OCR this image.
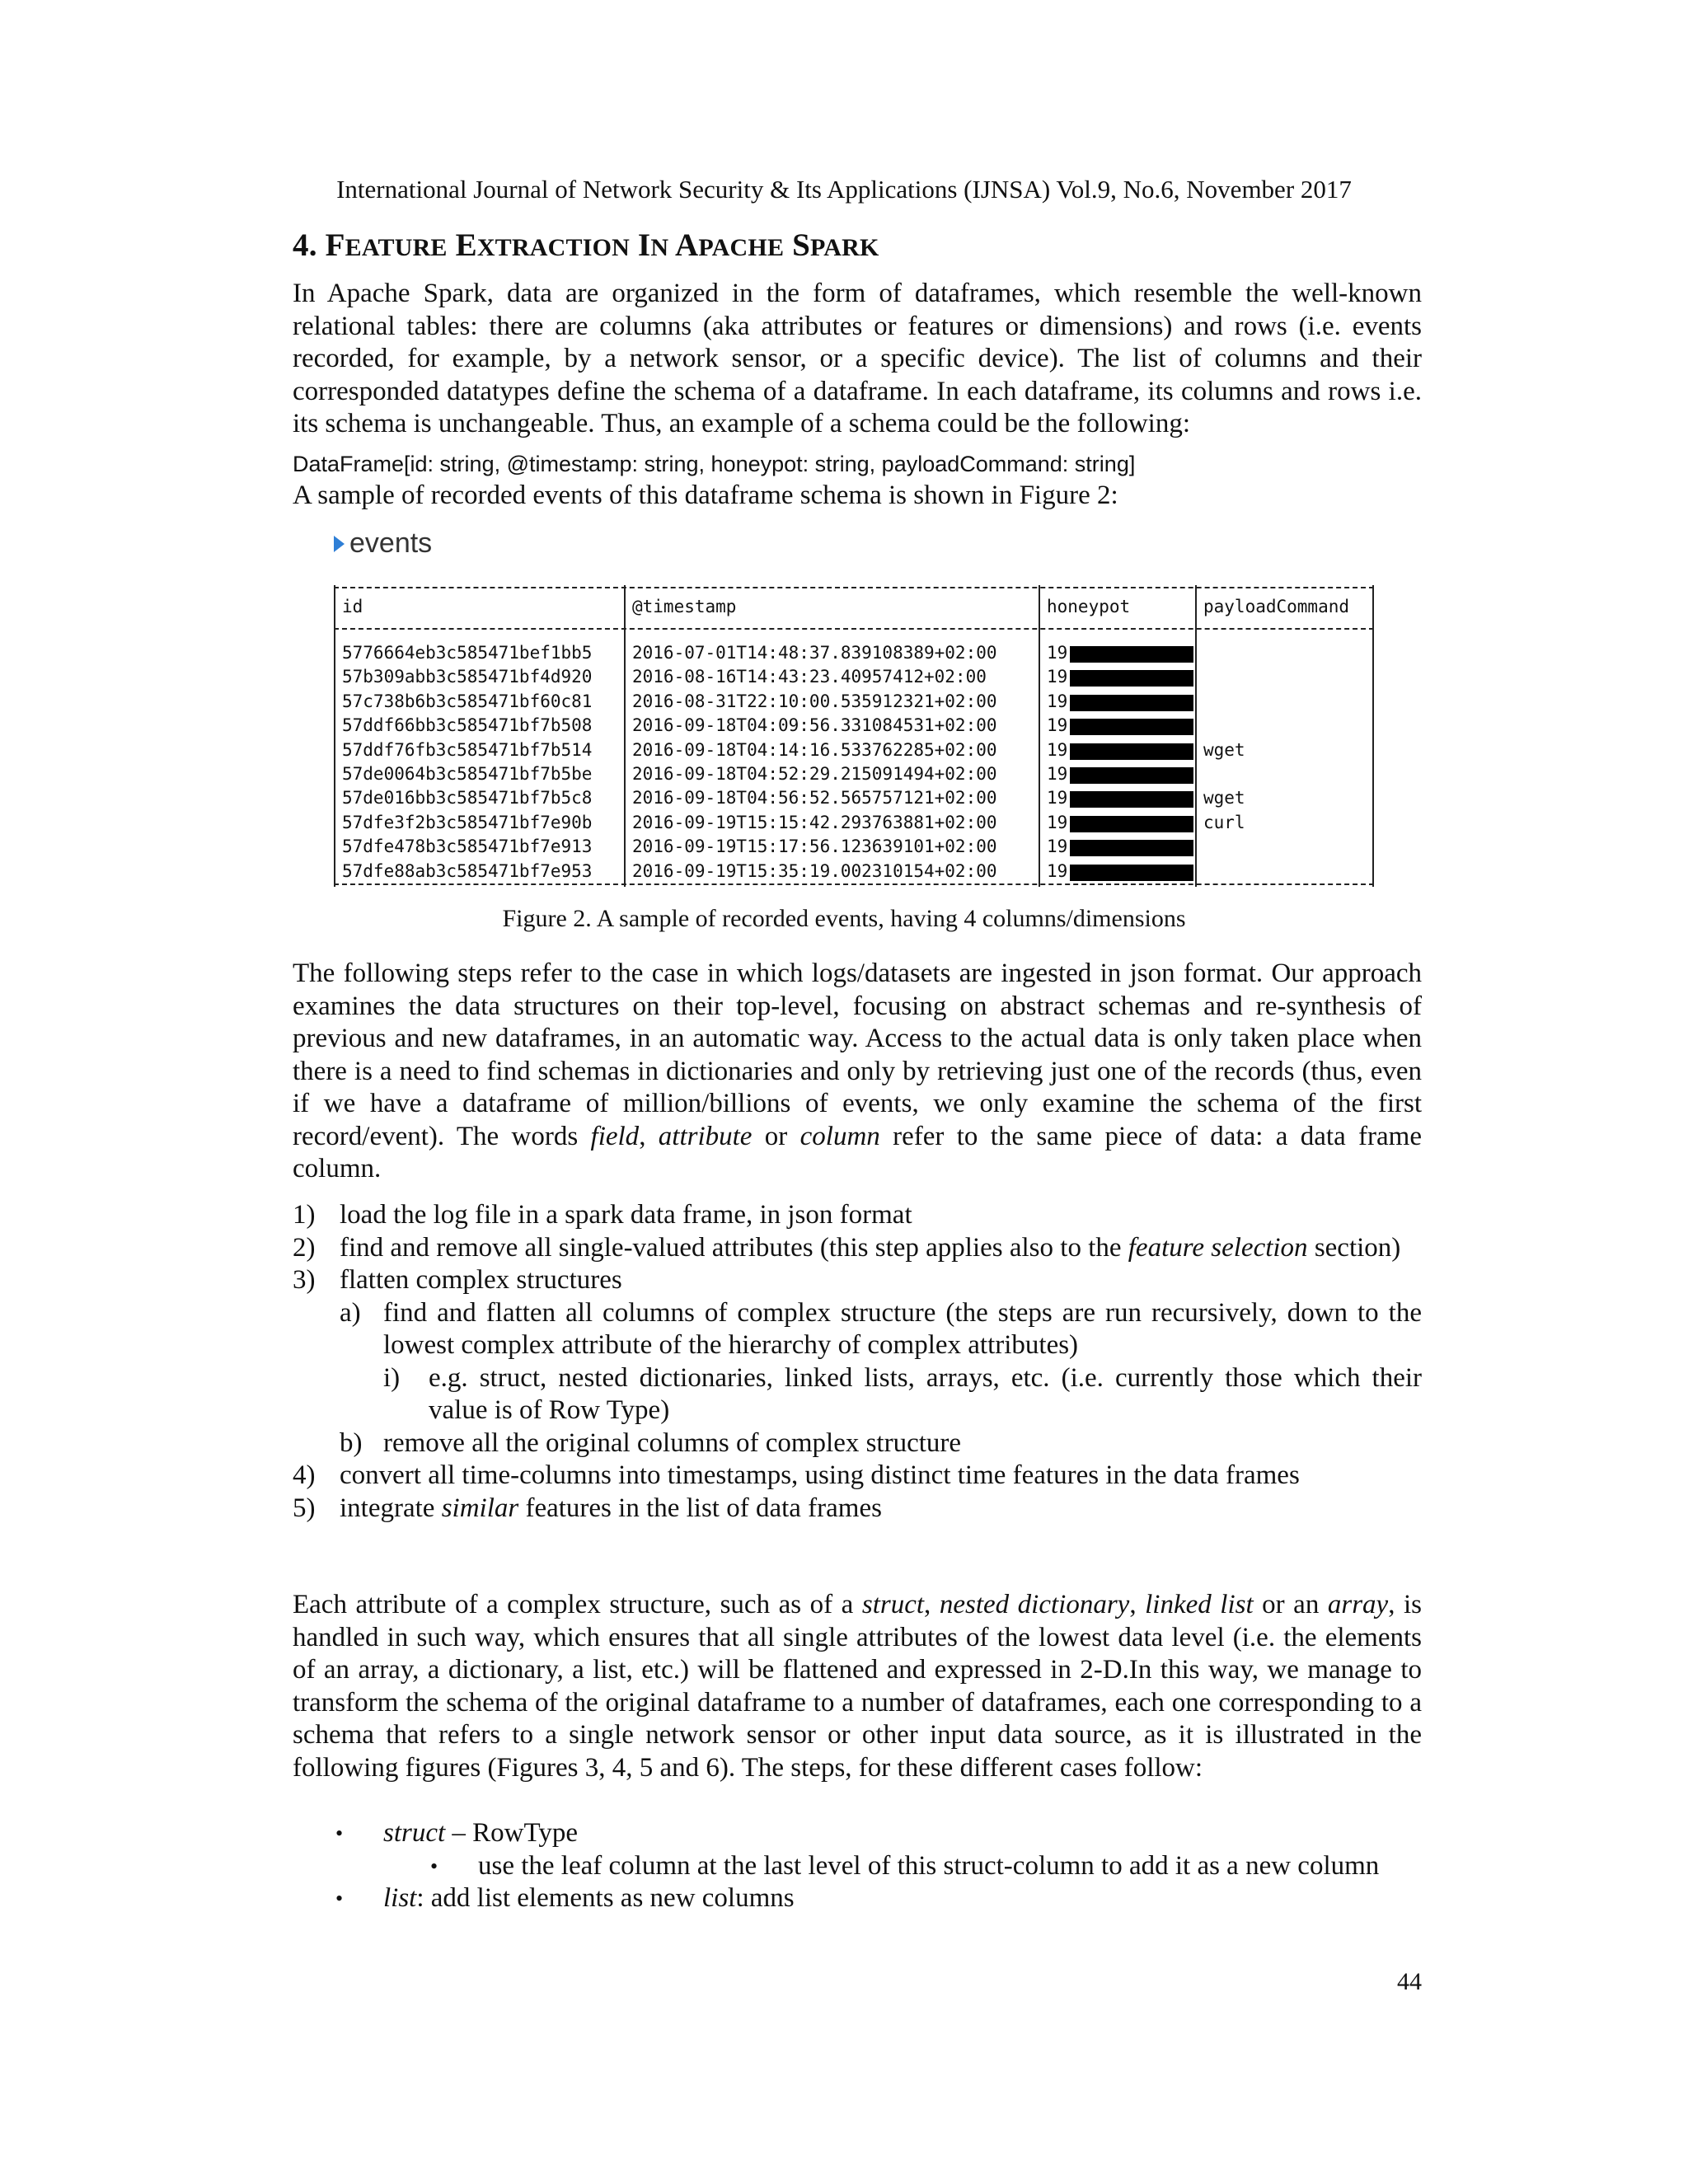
International Journal of Network Security & Its Applications (IJNSA) Vol.9, No.6, November 2017
4. FEATURE EXTRACTION IN APACHE SPARK
In Apache Spark, data are organized in the form of dataframes, which resemble the well-known relational tables: there are columns (aka attributes or features or dimensions) and rows (i.e. events recorded, for example, by a network sensor, or a specific device). The list of columns and their corresponded datatypes define the schema of a dataframe. In each dataframe, its columns and rows i.e. its schema is unchangeable. Thus, an example of a schema could be the following:
DataFrame[id: string, @timestamp: string, honeypot: string, payloadCommand: string]
A sample of recorded events of this dataframe schema is shown in Figure 2:
events
id	@timestamp	honeypot	payloadCommand
5776664eb3c585471bef1bb5 2016-07-01T14:48:37.839108389+02:00	19
57b309abb3c585471bf4d920 2016-08-16T14:43:23.40957412+02:00	19
57c738b6b3c585471bf60c81 2016-08-31T22:10:00.535912321+02:00	19
57ddf66bb3c585471bf7b508 2016-09-18T04:09:56.331084531+02:00	19
57ddf76fb3c585471bf7b514 2016-09-18T04:14:16.533762285+02:00	19	wget
57de0064b3c585471bf7b5be 2016-09-18T04:52:29.215091494+02:00	19
57de016bb3c585471bf7b5c8 2016-09-18T04:56:52.565757121+02:00	19	wget
57dfe3f2b3c585471bf7e90b 2016-09-19T15:15:42.293763881+02:00	19	curl
57dfe478b3c585471bf7e913 2016-09-19T15:17:56.123639101+02:00	19
57dfe88ab3c585471bf7e953 2016-09-19T15:35:19.002310154+02:00	19
Figure 2. A sample of recorded events, having 4 columns/dimensions
The following steps refer to the case in which logs/datasets are ingested in json format. Our approach examines the data structures on their top-level, focusing on abstract schemas and re-synthesis of previous and new dataframes, in an automatic way. Access to the actual data is only taken place when there is a need to find schemas in dictionaries and only by retrieving just one of the records (thus, even if we have a dataframe of million/billions of events, we only examine the schema of the first record/event). The words field, attribute or column refer to the same piece of data: a data frame column.
1) load the log file in a spark data frame, in json format
2) find and remove all single-valued attributes (this step applies also to the feature selection section)
3) flatten complex structures
a) find and flatten all columns of complex structure (the steps are run recursively, down to the lowest complex attribute of the hierarchy of complex attributes)
i) e.g. struct, nested dictionaries, linked lists, arrays, etc. (i.e. currently those which their value is of Row Type)
b) remove all the original columns of complex structure
4) convert all time-columns into timestamps, using distinct time features in the data frames
5) integrate similar features in the list of data frames
Each attribute of a complex structure, such as of a struct, nested dictionary, linked list or an array, is handled in such way, which ensures that all single attributes of the lowest data level (i.e. the elements of an array, a dictionary, a list, etc.) will be flattened and expressed in 2-D.In this way, we manage to transform the schema of the original dataframe to a number of dataframes, each one corresponding to a schema that refers to a single network sensor or other input data source, as it is illustrated in the following figures (Figures 3, 4, 5 and 6). The steps, for these different cases follow:
• struct – RowType
• use the leaf column at the last level of this struct-column to add it as a new column
• list: add list elements as new columns
44
